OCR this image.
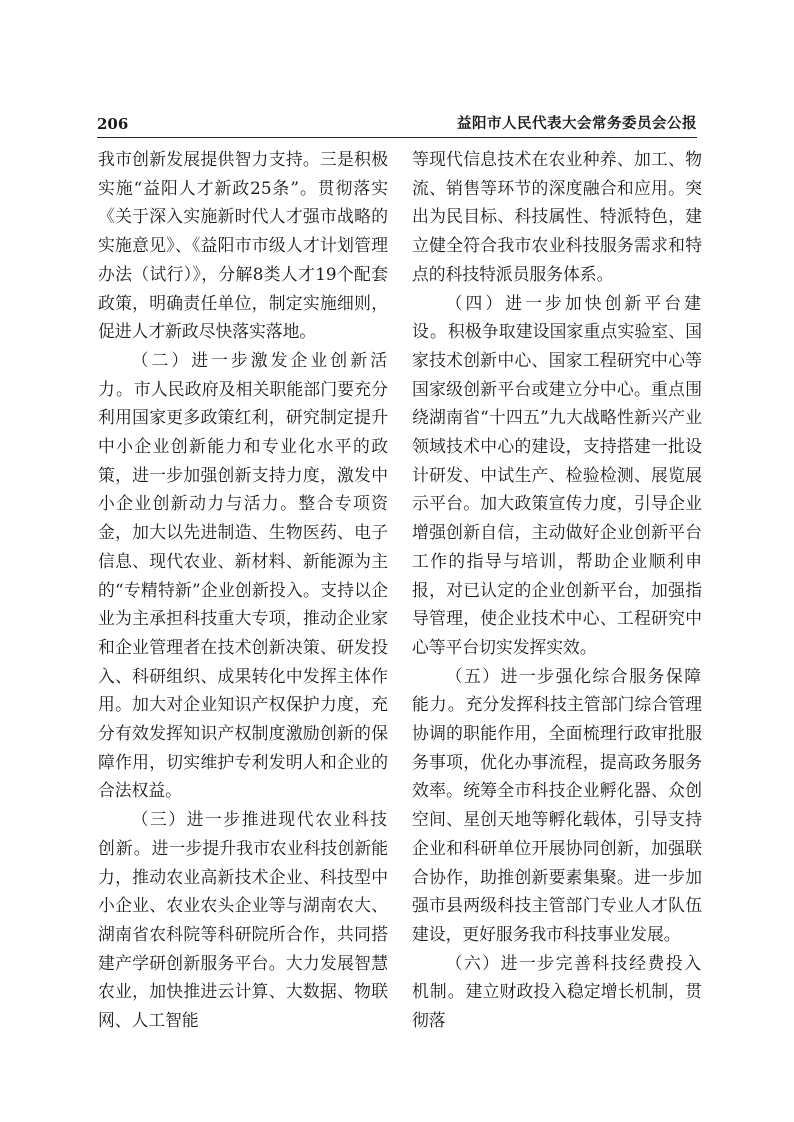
206	益阳市人民代表大会常务委员会公报

我市创新发展提供智力支持。三是积极实施“益阳人才新政25条”。贯彻落实《关于深入实施新时代人才强市战略的实施意见》、《益阳市市级人才计划管理办法（试行）》，分解8类人才19个配套政策，明确责任单位，制定实施细则，促进人才新政尽快落实落地。

（二）进一步激发企业创新活力。市人民政府及相关职能部门要充分利用国家更多政策红利，研究制定提升中小企业创新能力和专业化水平的政策，进一步加强创新支持力度，激发中小企业创新动力与活力。整合专项资金，加大以先进制造、生物医药、电子信息、现代农业、新材料、新能源为主的“专精特新”企业创新投入。支持以企业为主承担科技重大专项，推动企业家和企业管理者在技术创新决策、研发投入、科研组织、成果转化中发挥主体作用。加大对企业知识产权保护力度，充分有效发挥知识产权制度激励创新的保障作用，切实维护专利发明人和企业的合法权益。

（三）进一步推进现代农业科技创新。进一步提升我市农业科技创新能力，推动农业高新技术企业、科技型中小企业、农业农头企业等与湖南农大、湖南省农科院等科研院所合作，共同搭建产学研创新服务平台。大力发展智慧农业，加快推进云计算、大数据、物联网、人工智能

等现代信息技术在农业种养、加工、物流、销售等环节的深度融合和应用。突出为民目标、科技属性、特派特色，建立健全符合我市农业科技服务需求和特点的科技特派员服务体系。

（四）进一步加快创新平台建设。积极争取建设国家重点实验室、国家技术创新中心、国家工程研究中心等国家级创新平台或建立分中心。重点围绕湖南省“十四五”九大战略性新兴产业领域技术中心的建设，支持搭建一批设计研发、中试生产、检验检测、展览展示平台。加大政策宣传力度，引导企业增强创新自信，主动做好企业创新平台工作的指导与培训，帮助企业顺利申报，对已认定的企业创新平台，加强指导管理，使企业技术中心、工程研究中心等平台切实发挥实效。

（五）进一步强化综合服务保障能力。充分发挥科技主管部门综合管理协调的职能作用，全面梳理行政审批服务事项，优化办事流程，提高政务服务效率。统筹全市科技企业孵化器、众创空间、星创天地等孵化载体，引导支持企业和科研单位开展协同创新，加强联合协作，助推创新要素集聚。进一步加强市县两级科技主管部门专业人才队伍建设，更好服务我市科技事业发展。

（六）进一步完善科技经费投入机制。建立财政投入稳定增长机制，贯彻落
